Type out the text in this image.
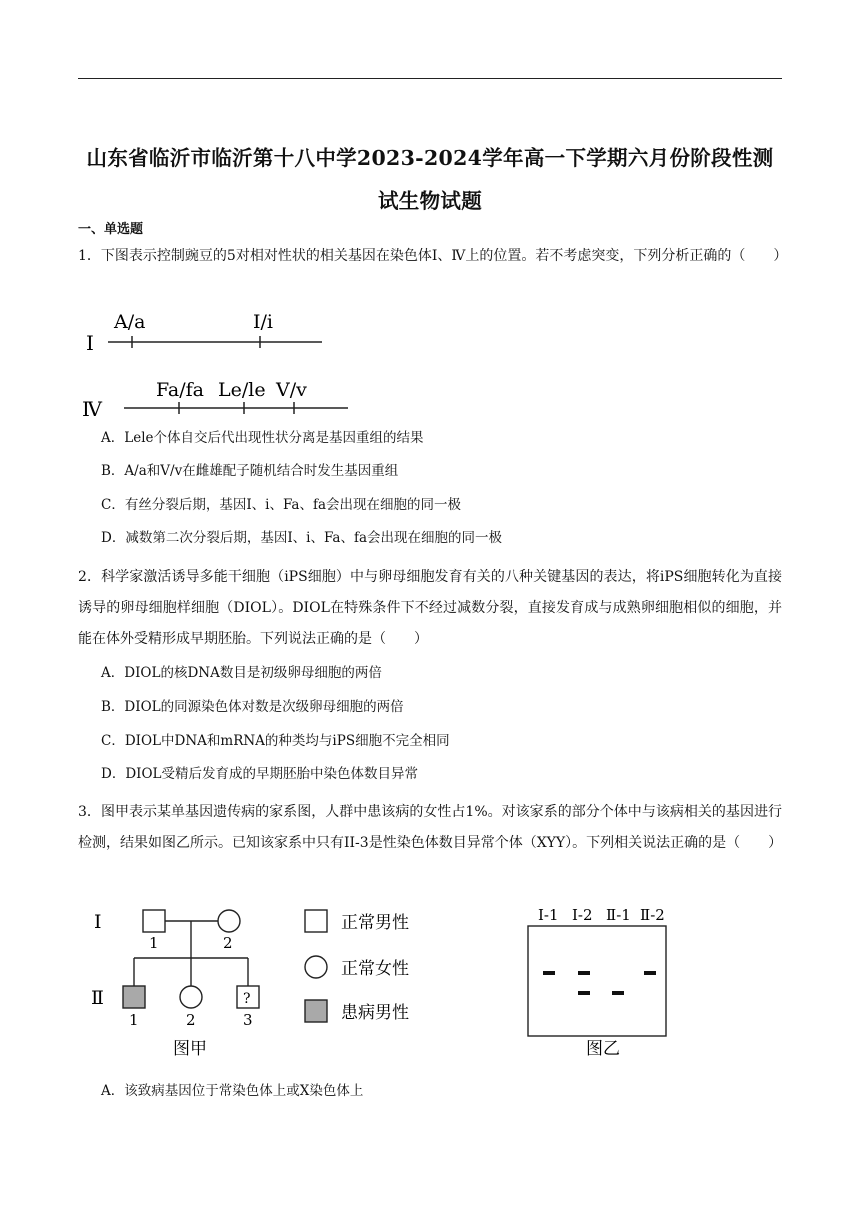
山东省临沂市临沂第十八中学2023-2024学年高一下学期六月份阶段性测
试生物试题
一、单选题
1．下图表示控制豌豆的5对相对性状的相关基因在染色体Ⅰ、Ⅳ上的位置。若不考虑突变，下列分析正确的（　　）
Ⅰ
A/a	I/i
Ⅳ
Fa/fa Le/le V/v
A．Lele个体自交后代出现性状分离是基因重组的结果
B．A/a和V/v在雌雄配子随机结合时发生基因重组
C．有丝分裂后期，基因Ⅰ、i、Fa、fa会出现在细胞的同一极
D．减数第二次分裂后期，基因Ⅰ、i、Fa、fa会出现在细胞的同一极
2．科学家激活诱导多能干细胞（iPS细胞）中与卵母细胞发育有关的八种关键基因的表达，将iPS细胞转化为直接诱导的卵母细胞样细胞（DIOL）。DIOL在特殊条件下不经过减数分裂，直接发育成与成熟卵细胞相似的细胞，并能在体外受精形成早期胚胎。下列说法正确的是（　　）
A．DIOL的核DNA数目是初级卵母细胞的两倍
B．DIOL的同源染色体对数是次级卵母细胞的两倍
C．DIOL中DNA和mRNA的种类均与iPS细胞不完全相同
D．DIOL受精后发育成的早期胚胎中染色体数目异常
3．图甲表示某单基因遗传病的家系图，人群中患该病的女性占1%。对该家系的部分个体中与该病相关的基因进行检测，结果如图乙所示。已知该家系中只有II-3是性染色体数目异常个体（XYY）。下列相关说法正确的是（　　）
Ⅰ
Ⅱ
1	2
?
1	2	3
图甲
正常男性
正常女性
患病男性
Ⅰ-1 Ⅰ-2 Ⅱ-1 Ⅱ-2
图乙
A．该致病基因位于常染色体上或X染色体上
